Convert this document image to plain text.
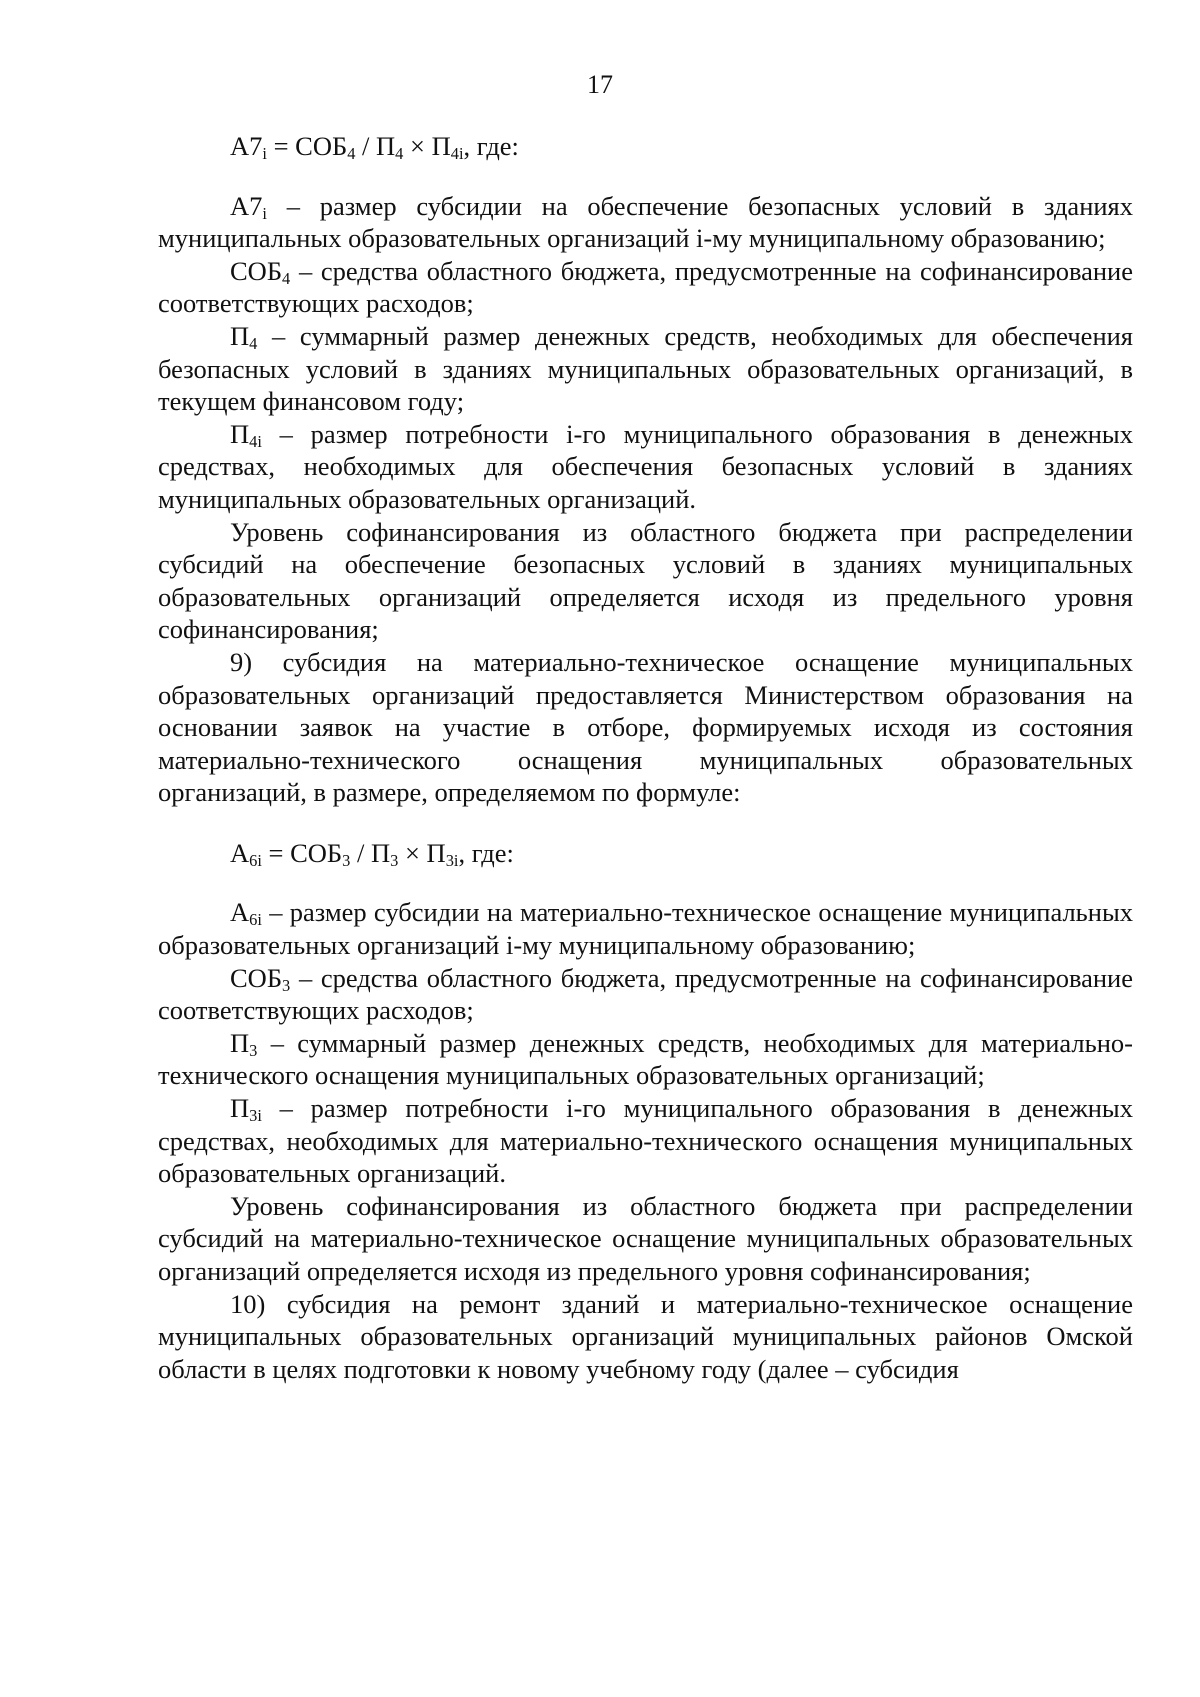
17

$А7_i = СОБ_4 / П_4 \times П_{4i}$, где:

$А7_i$ – размер субсидии на обеспечение безопасных условий в зданиях муниципальных образовательных организаций i-му муниципальному образованию;

$СОБ_4$ – средства областного бюджета, предусмотренные на софинансирование соответствующих расходов;

$П_4$ – суммарный размер денежных средств, необходимых для обеспечения безопасных условий в зданиях муниципальных образовательных организаций, в текущем финансовом году;

$П_{4i}$ – размер потребности i-го муниципального образования в денежных средствах, необходимых для обеспечения безопасных условий в зданиях муниципальных образовательных организаций.

Уровень софинансирования из областного бюджета при распределении субсидий на обеспечение безопасных условий в зданиях муниципальных образовательных организаций определяется исходя из предельного уровня софинансирования;

9) субсидия на материально-техническое оснащение муниципальных образовательных организаций предоставляется Министерством образования на основании заявок на участие в отборе, формируемых исходя из состояния материально-технического оснащения муниципальных образовательных организаций, в размере, определяемом по формуле:

$А_{6i} = СОБ_3 / П_3 \times П_{3i}$, где:

$А_{6i}$ – размер субсидии на материально-техническое оснащение муниципальных образовательных организаций i-му муниципальному образованию;

$СОБ_3$ – средства областного бюджета, предусмотренные на софинансирование соответствующих расходов;

$П_3$ – суммарный размер денежных средств, необходимых для материально-технического оснащения муниципальных образовательных организаций;

$П_{3i}$ – размер потребности i-го муниципального образования в денежных средствах, необходимых для материально-технического оснащения муниципальных образовательных организаций.

Уровень софинансирования из областного бюджета при распределении субсидий на материально-техническое оснащение муниципальных образовательных организаций определяется исходя из предельного уровня софинансирования;

10) субсидия на ремонт зданий и материально-техническое оснащение муниципальных образовательных организаций муниципальных районов Омской области в целях подготовки к новому учебному году (далее – субсидия
